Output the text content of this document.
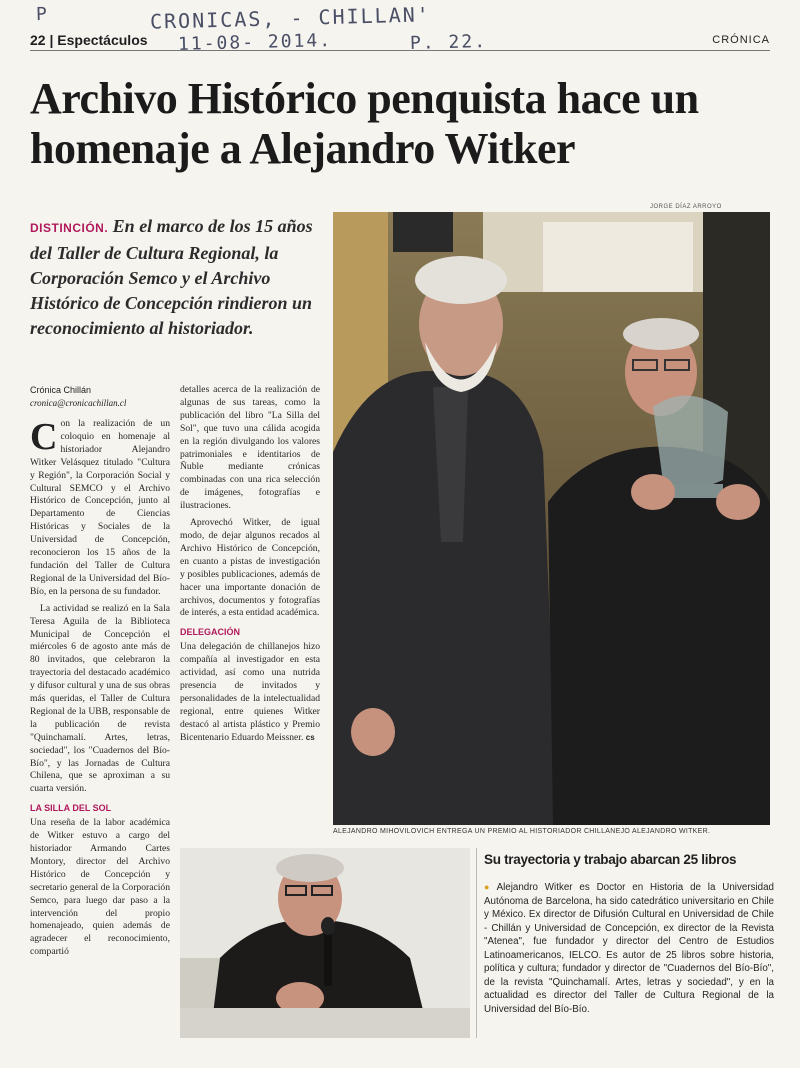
P	CRONICAS, - CHILLAN'
11-08- 2014.	P. 22.
22 | Espectáculos	CRÓNICA
Archivo Histórico penquista hace un homenaje a Alejandro Witker
DISTINCIÓN. En el marco de los 15 años del Taller de Cultura Regional, la Corporación Semco y el Archivo Histórico de Concepción rindieron un reconocimiento al historiador.
Crónica Chillán
cronica@cronicachillan.cl

Con la realización de un coloquio en homenaje al historiador Alejandro Witker Velásquez titulado "Cultura y Región", la Corporación Social y Cultural SEMCO y el Archivo Histórico de Concepción, junto al Departamento de Ciencias Históricas y Sociales de la Universidad de Concepción, reconocieron los 15 años de la fundación del Taller de Cultura Regional de la Universidad del Bío-Bío, en la persona de su fundador.

La actividad se realizó en la Sala Teresa Aguila de la Biblioteca Municipal de Concepción el miércoles 6 de agosto ante más de 80 invitados, que celebraron la trayectoria del destacado académico y difusor cultural y una de sus obras más queridas, el Taller de Cultura Regional de la UBB, responsable de la publicación de revista "Quinchamalí. Artes, letras, sociedad", los "Cuadernos del Bío-Bío", y las Jornadas de Cultura Chilena, que se aproximan a su cuarta versión.

LA SILLA DEL SOL

Una reseña de la labor académica de Witker estuvo a cargo del historiador Armando Cartes Montory, director del Archivo Histórico de Concepción y secretario general de la Corporación Semco, para luego dar paso a la intervención del propio homenajeado, quien además de agradecer el reconocimiento, compartió

detalles acerca de la realización de algunas de sus tareas, como la publicación del libro "La Silla del Sol", que tuvo una cálida acogida en la región divulgando los valores patrimoniales e identitarios de Ñuble mediante crónicas combinadas con una rica selección de imágenes, fotografías e ilustraciones.

Aprovechó Witker, de igual modo, de dejar algunos recados al Archivo Histórico de Concepción, en cuanto a pistas de investigación y posibles publicaciones, además de hacer una importante donación de archivos, documentos y fotografías de interés, a esta entidad académica.

DELEGACIÓN

Una delegación de chillanejos hizo compañía al investigador en esta actividad, así como una nutrida presencia de invitados y personalidades de la intelectualidad regional, entre quienes Witker destacó al artista plástico y Premio Bicentenario Eduardo Meissner. cs

JORGE DÍAZ ARROYO
ALEJANDRO MIHOVILOVICH ENTREGA UN PREMIO AL HISTORIADOR CHILLANEJO ALEJANDRO WITKER.
Su trayectoria y trabajo abarcan 25 libros
● Alejandro Witker es Doctor en Historia de la Universidad Autónoma de Barcelona, ha sido catedrático universitario en Chile y México. Ex director de Difusión Cultural en Universidad de Chile - Chillán y Universidad de Concepción, ex director de la Revista "Atenea", fue fundador y director del Centro de Estudios Latinoamericanos, IELCO. Es autor de 25 libros sobre historia, política y cultura; fundador y director de "Cuadernos del Bío-Bío", de la revista "Quinchamalí. Artes, letras y sociedad", y en la actualidad es director del Taller de Cultura Regional de la Universidad del Bío-Bío.
